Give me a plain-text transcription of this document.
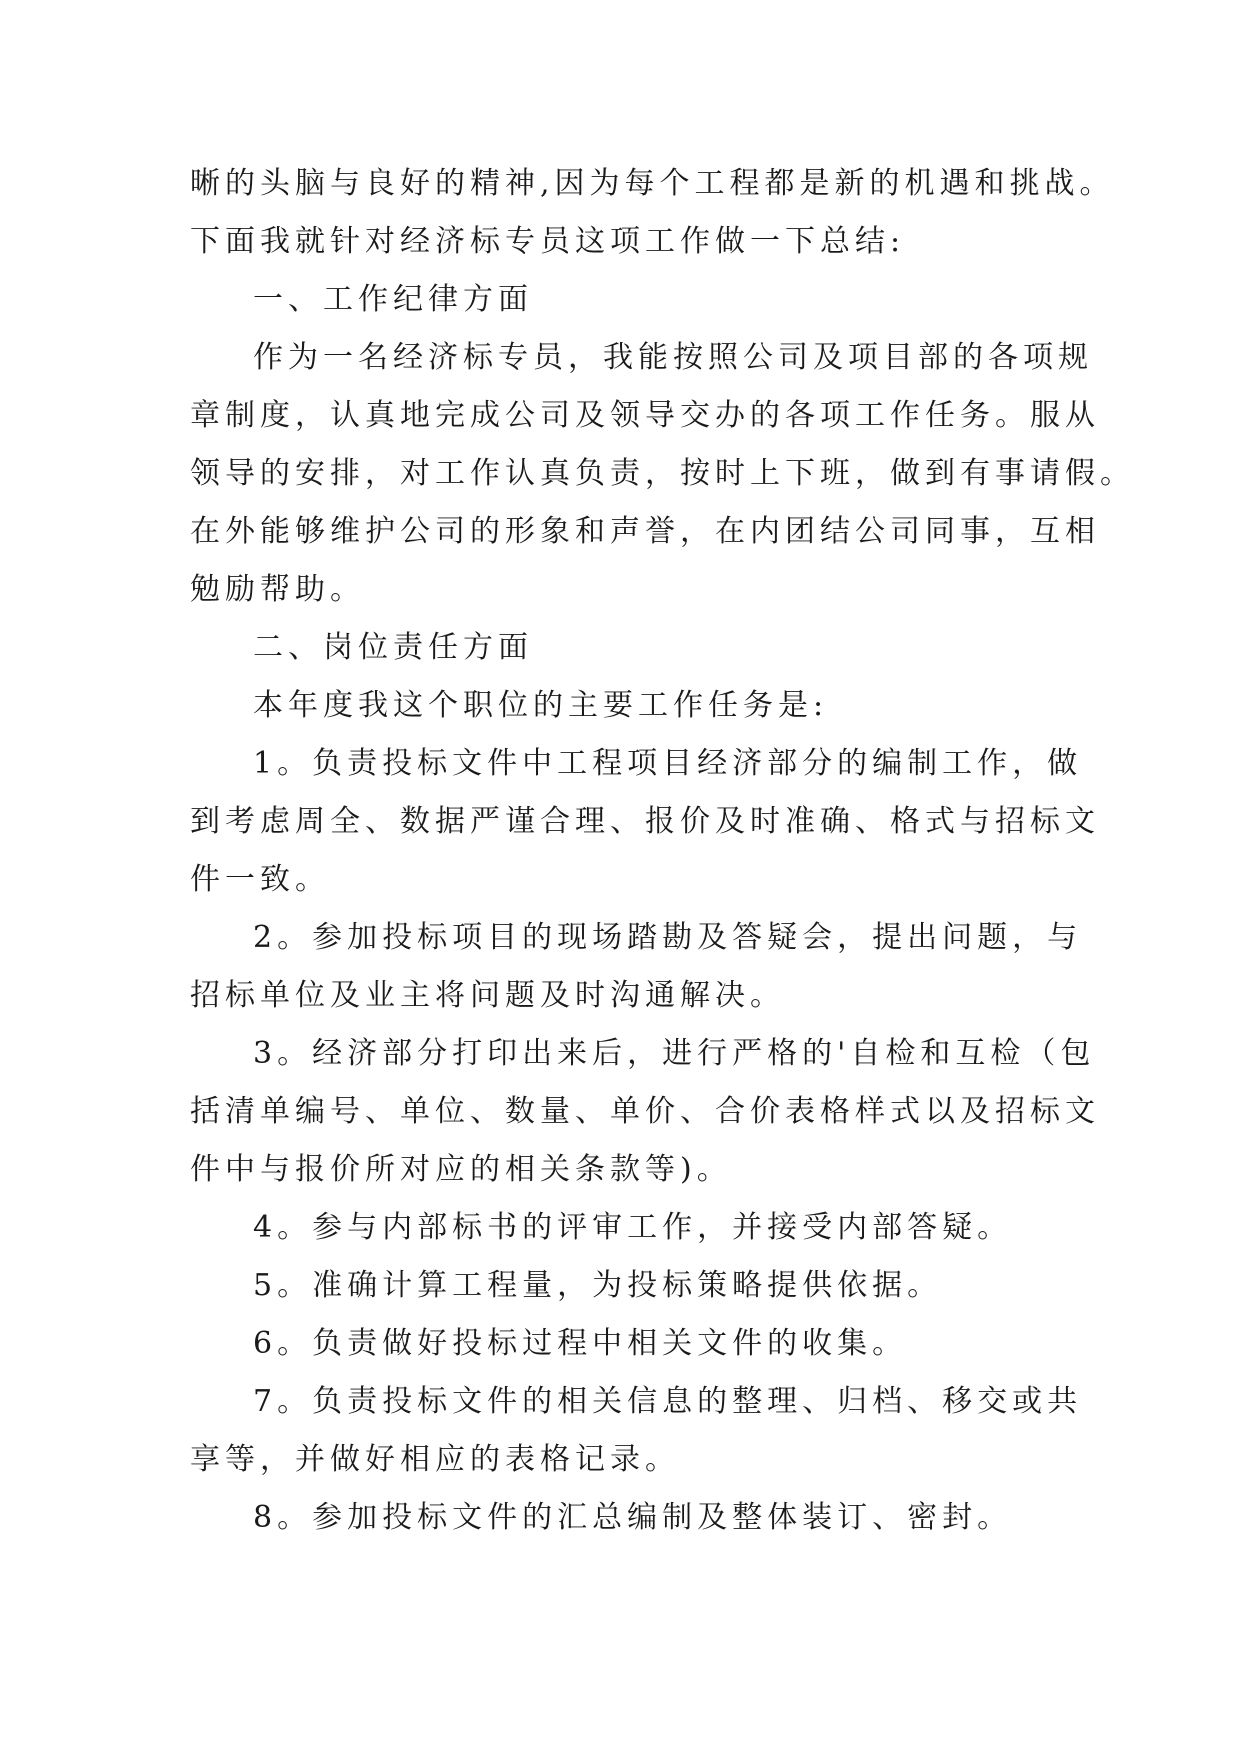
晰的头脑与良好的精神,因为每个工程都是新的机遇和挑战。
下面我就针对经济标专员这项工作做一下总结:
一、工作纪律方面
作为一名经济标专员，我能按照公司及项目部的各项规
章制度，认真地完成公司及领导交办的各项工作任务。服从
领导的安排，对工作认真负责，按时上下班，做到有事请假。
在外能够维护公司的形象和声誉，在内团结公司同事，互相
勉励帮助。
二、岗位责任方面
本年度我这个职位的主要工作任务是:
1。负责投标文件中工程项目经济部分的编制工作，做
到考虑周全、数据严谨合理、报价及时准确、格式与招标文
件一致。
2。参加投标项目的现场踏勘及答疑会，提出问题，与
招标单位及业主将问题及时沟通解决。
3。经济部分打印出来后，进行严格的'自检和互检（包
括清单编号、单位、数量、单价、合价表格样式以及招标文
件中与报价所对应的相关条款等)。
4。参与内部标书的评审工作，并接受内部答疑。
5。准确计算工程量，为投标策略提供依据。
6。负责做好投标过程中相关文件的收集。
7。负责投标文件的相关信息的整理、归档、移交或共
享等，并做好相应的表格记录。
8。参加投标文件的汇总编制及整体装订、密封。
